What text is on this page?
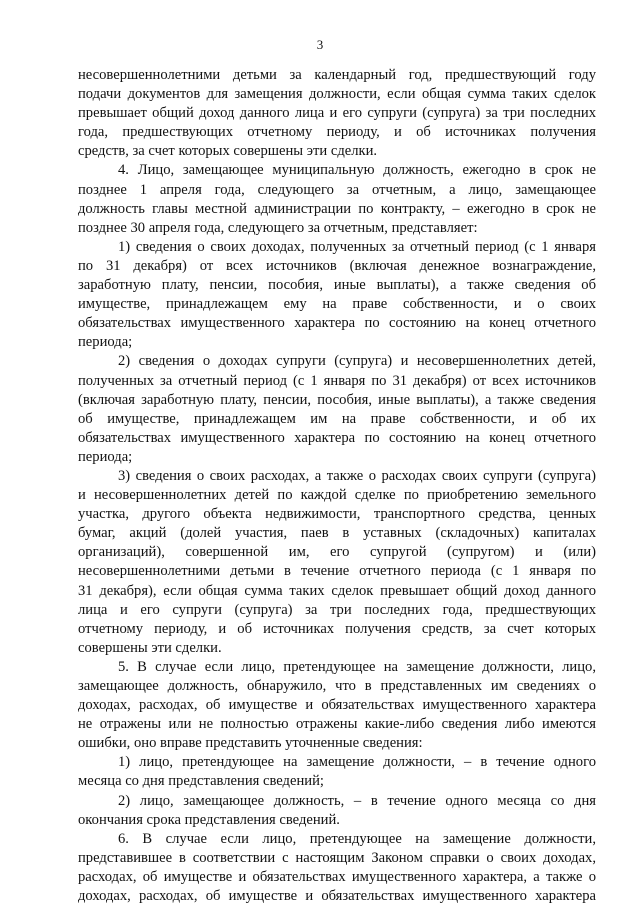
3
несовершеннолетними детьми за календарный год, предшествующий году
подачи документов для замещения должности, если общая сумма таких сделок
превышает общий доход данного лица и его супруги (супруга) за три последних
года, предшествующих отчетному периоду, и об источниках получения
средств, за счет которых совершены эти сделки.
4. Лицо, замещающее муниципальную должность, ежегодно в срок не
позднее 1 апреля года, следующего за отчетным, а лицо, замещающее
должность главы местной администрации по контракту, – ежегодно в срок не
позднее 30 апреля года, следующего за отчетным, представляет:
1) сведения о своих доходах, полученных за отчетный период (с 1 января
по 31 декабря) от всех источников (включая денежное вознаграждение,
заработную плату, пенсии, пособия, иные выплаты), а также сведения об
имуществе, принадлежащем ему на праве собственности, и о своих
обязательствах имущественного характера по состоянию на конец отчетного
периода;
2) сведения о доходах супруги (супруга) и несовершеннолетних детей,
полученных за отчетный период (с 1 января по 31 декабря) от всех источников
(включая заработную плату, пенсии, пособия, иные выплаты), а также сведения
об имуществе, принадлежащем им на праве собственности, и об их
обязательствах имущественного характера по состоянию на конец отчетного
периода;
3) сведения о своих расходах, а также о расходах своих супруги (супруга)
и несовершеннолетних детей по каждой сделке по приобретению земельного
участка, другого объекта недвижимости, транспортного средства, ценных
бумаг, акций (долей участия, паев в уставных (складочных) капиталах
организаций), совершенной им, его супругой (супругом) и (или)
несовершеннолетними детьми в течение отчетного периода (с 1 января по
31 декабря), если общая сумма таких сделок превышает общий доход данного
лица и его супруги (супруга) за три последних года, предшествующих
отчетному периоду, и об источниках получения средств, за счет которых
совершены эти сделки.
5. В случае если лицо, претендующее на замещение должности, лицо,
замещающее должность, обнаружило, что в представленных им сведениях о
доходах, расходах, об имуществе и обязательствах имущественного характера
не отражены или не полностью отражены какие-либо сведения либо имеются
ошибки, оно вправе представить уточненные сведения:
1) лицо, претендующее на замещение должности, – в течение одного
месяца со дня представления сведений;
2) лицо, замещающее должность, – в течение одного месяца со дня
окончания срока представления сведений.
6. В случае если лицо, претендующее на замещение должности,
представившее в соответствии с настоящим Законом справки о своих доходах,
расходах, об имуществе и обязательствах имущественного характера, а также о
доходах, расходах, об имуществе и обязательствах имущественного характера
